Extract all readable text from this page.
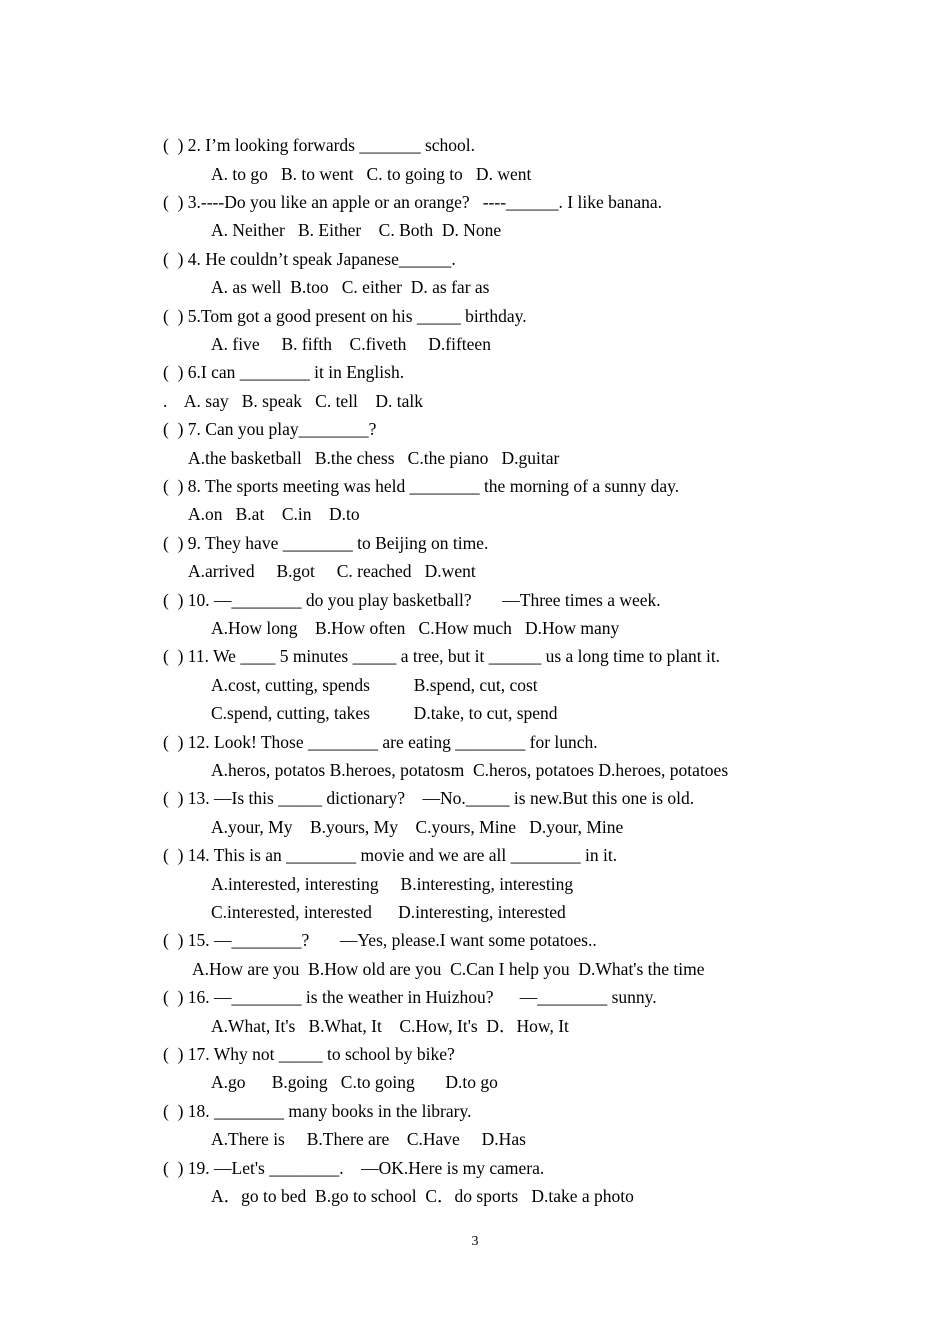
(  ) 2. I’m looking forwards _______ school.
A. to go   B. to went   C. to going to   D. went
(  ) 3.----Do you like an apple or an orange?   ----______. I like banana.
A. Neither   B. Either    C. Both  D. None
(  ) 4. He couldn’t speak Japanese______.
A. as well  B.too   C. either  D. as far as
(  ) 5.Tom got a good present on his _____ birthday.
A. five     B. fifth    C.fiveth     D.fifteen
(  ) 6.I can ________ it in English.
.    A. say   B. speak   C. tell    D. talk
(  ) 7. Can you play________?
A.the basketball   B.the chess   C.the piano   D.guitar
(  ) 8. The sports meeting was held ________ the morning of a sunny day.
A.on   B.at    C.in    D.to
(  ) 9. They have ________ to Beijing on time.
A.arrived     B.got     C. reached   D.went
(  ) 10. —________ do you play basketball?       —Three times a week.
A.How long    B.How often   C.How much   D.How many
(  ) 11. We ____ 5 minutes _____ a tree, but it ______ us a long time to plant it.
A.cost, cutting, spends          B.spend, cut, cost
C.spend, cutting, takes          D.take, to cut, spend
(  ) 12. Look! Those ________ are eating ________ for lunch.
A.heros, potatos B.heroes, potatosm  C.heros, potatoes D.heroes, potatoes
(  ) 13. —Is this _____ dictionary?    —No._____ is new.But this one is old.
A.your, My    B.yours, My    C.yours, Mine   D.your, Mine
(  ) 14. This is an ________ movie and we are all ________ in it.
A.interested, interesting     B.interesting, interesting
C.interested, interested      D.interesting, interested
(  ) 15. —________?       —Yes, please.I want some potatoes..
A.How are you  B.How old are you  C.Can I help you  D.What's the time
(  ) 16. —________ is the weather in Huizhou?      —________ sunny.
A.What, It's   B.What, It    C.How, It's  D．How, It
(  ) 17. Why not _____ to school by bike?
A.go      B.going   C.to going       D.to go
(  ) 18. ________ many books in the library.
A.There is     B.There are    C.Have     D.Has
(  ) 19. —Let's ________.    —OK.Here is my camera.
A．go to bed  B.go to school  C．do sports   D.take a photo
3
